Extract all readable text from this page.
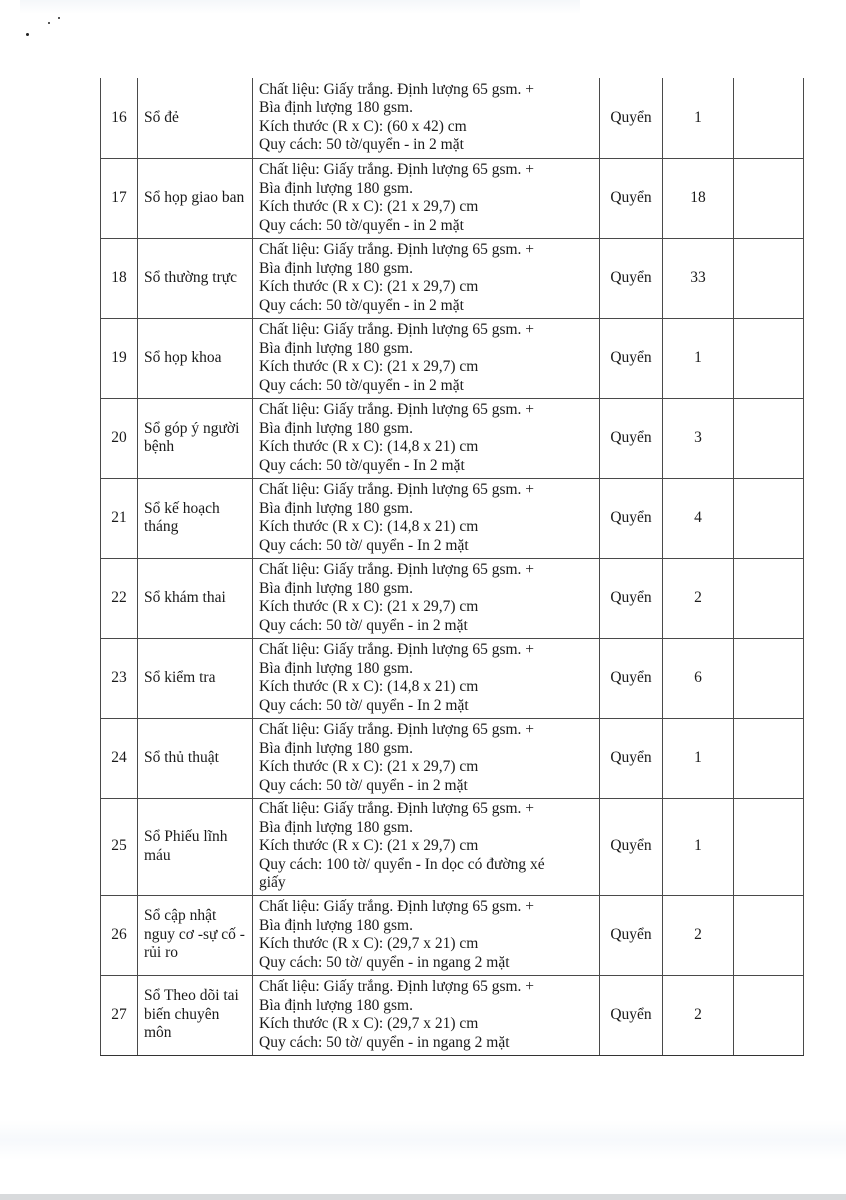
16	Sổ đẻ	Chất liệu: Giấy trắng. Định lượng 65 gsm. +
Bìa định lượng 180 gsm.
Kích thước (R x C): (60 x 42) cm
Quy cách: 50 tờ/quyển - in 2 mặt	Quyển	1	
17	Sổ họp giao ban	Chất liệu: Giấy trắng. Định lượng 65 gsm. +
Bìa định lượng 180 gsm.
Kích thước (R x C): (21 x 29,7) cm
Quy cách: 50 tờ/quyển - in 2 mặt	Quyển	18	
18	Sổ thường trực	Chất liệu: Giấy trắng. Định lượng 65 gsm. +
Bìa định lượng 180 gsm.
Kích thước (R x C): (21 x 29,7) cm
Quy cách: 50 tờ/quyển - in 2 mặt	Quyển	33	
19	Sổ họp khoa	Chất liệu: Giấy trắng. Định lượng 65 gsm. +
Bìa định lượng 180 gsm.
Kích thước (R x C): (21 x 29,7) cm
Quy cách: 50 tờ/quyển - in 2 mặt	Quyển	1	
20	Sổ góp ý người bệnh	Chất liệu: Giấy trắng. Định lượng 65 gsm. +
Bìa định lượng 180 gsm.
Kích thước (R x C): (14,8 x 21) cm
Quy cách: 50 tờ/quyển - In 2 mặt	Quyển	3	
21	Sổ kế hoạch tháng	Chất liệu: Giấy trắng. Định lượng 65 gsm. +
Bìa định lượng 180 gsm.
Kích thước (R x C): (14,8 x 21) cm
Quy cách: 50 tờ/ quyển - In 2 mặt	Quyển	4	
22	Sổ khám thai	Chất liệu: Giấy trắng. Định lượng 65 gsm. +
Bìa định lượng 180 gsm.
Kích thước (R x C): (21 x 29,7) cm
Quy cách: 50 tờ/ quyển - in 2 mặt	Quyển	2	
23	Sổ kiểm tra	Chất liệu: Giấy trắng. Định lượng 65 gsm. +
Bìa định lượng 180 gsm.
Kích thước (R x C): (14,8 x 21) cm
Quy cách: 50 tờ/ quyển - In 2 mặt	Quyển	6	
24	Sổ thủ thuật	Chất liệu: Giấy trắng. Định lượng 65 gsm. +
Bìa định lượng 180 gsm.
Kích thước (R x C): (21 x 29,7) cm
Quy cách: 50 tờ/ quyển - in 2 mặt	Quyển	1	
25	Sổ Phiếu lĩnh máu	Chất liệu: Giấy trắng. Định lượng 65 gsm. +
Bìa định lượng 180 gsm.
Kích thước (R x C): (21 x 29,7) cm
Quy cách: 100 tờ/ quyển - In dọc có đường xé
giấy	Quyển	1	
26	Sổ cập nhật nguy cơ -sự cố - rủi ro	Chất liệu: Giấy trắng. Định lượng 65 gsm. +
Bìa định lượng 180 gsm.
Kích thước (R x C): (29,7 x 21) cm
Quy cách: 50 tờ/ quyển - in ngang 2 mặt	Quyển	2	
27	Sổ Theo dõi tai biến chuyên môn	Chất liệu: Giấy trắng. Định lượng 65 gsm. +
Bìa định lượng 180 gsm.
Kích thước (R x C): (29,7 x 21) cm
Quy cách: 50 tờ/ quyển - in ngang 2 mặt	Quyển	2	
